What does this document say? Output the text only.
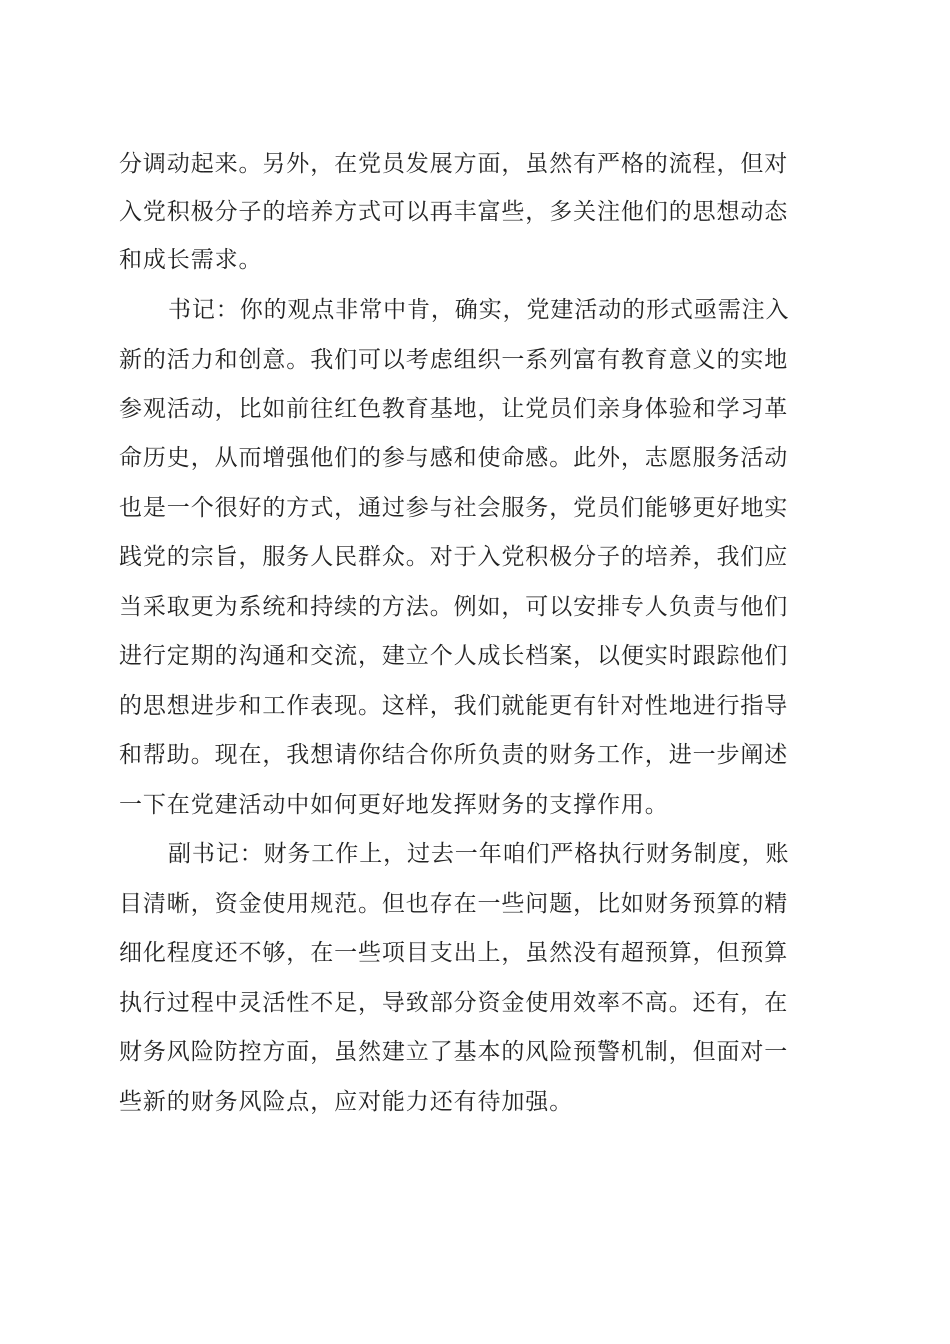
分调动起来。另外，在党员发展方面，虽然有严格的流程，但对
入党积极分子的培养方式可以再丰富些，多关注他们的思想动态
和成长需求。
书记：你的观点非常中肯，确实，党建活动的形式亟需注入
新的活力和创意。我们可以考虑组织一系列富有教育意义的实地
参观活动，比如前往红色教育基地，让党员们亲身体验和学习革
命历史，从而增强他们的参与感和使命感。此外，志愿服务活动
也是一个很好的方式，通过参与社会服务，党员们能够更好地实
践党的宗旨，服务人民群众。对于入党积极分子的培养，我们应
当采取更为系统和持续的方法。例如，可以安排专人负责与他们
进行定期的沟通和交流，建立个人成长档案，以便实时跟踪他们
的思想进步和工作表现。这样，我们就能更有针对性地进行指导
和帮助。现在，我想请你结合你所负责的财务工作，进一步阐述
一下在党建活动中如何更好地发挥财务的支撑作用。
副书记：财务工作上，过去一年咱们严格执行财务制度，账
目清晰，资金使用规范。但也存在一些问题，比如财务预算的精
细化程度还不够，在一些项目支出上，虽然没有超预算，但预算
执行过程中灵活性不足，导致部分资金使用效率不高。还有，在
财务风险防控方面，虽然建立了基本的风险预警机制，但面对一
些新的财务风险点，应对能力还有待加强。
